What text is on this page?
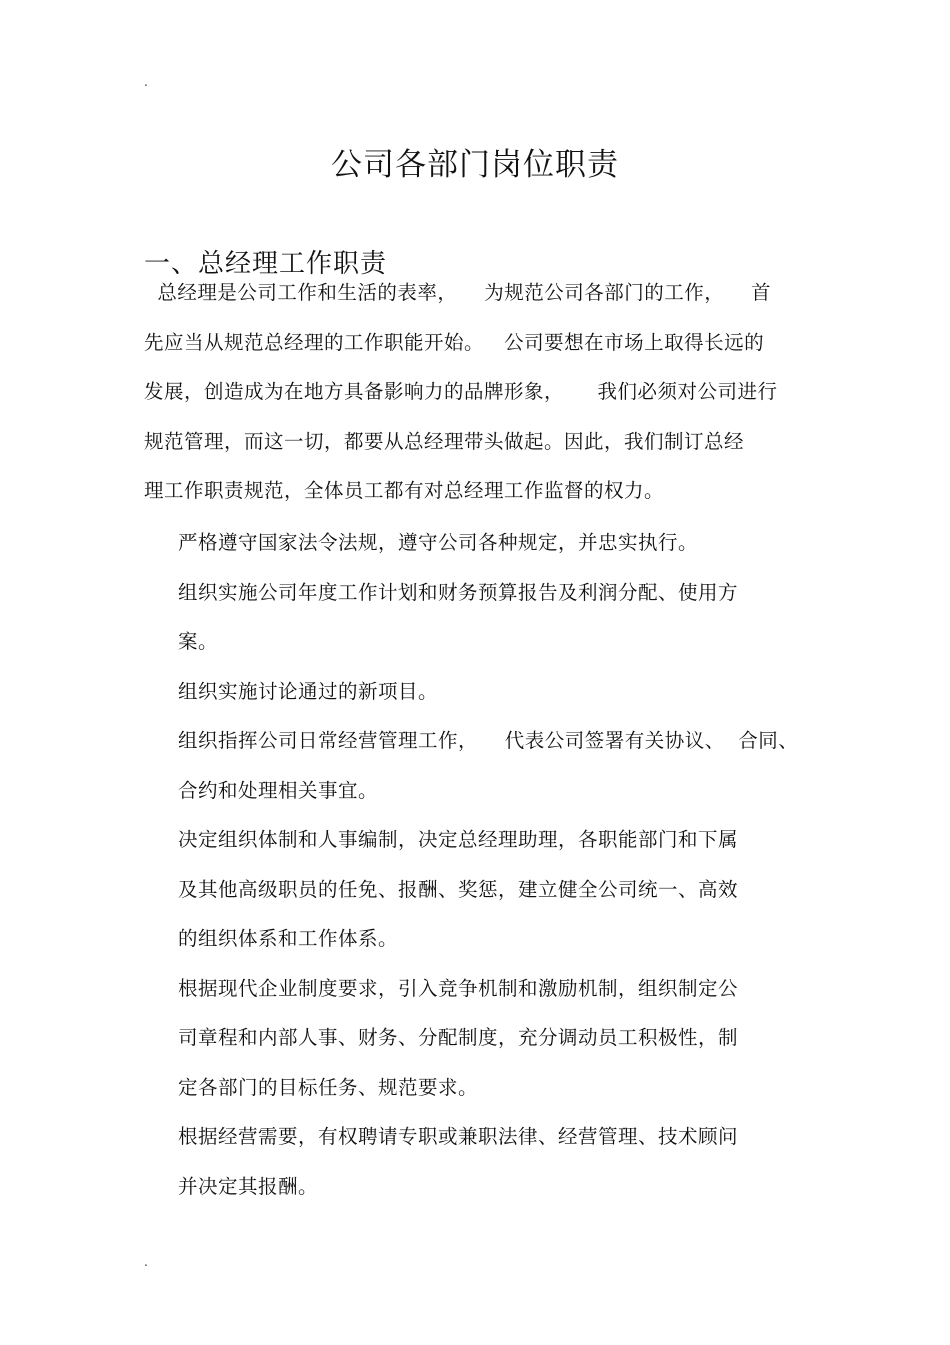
.
公司各部门岗位职责
一、总经理工作职责
总经理是公司工作和生活的表率，    为规范公司各部门的工作，    首
先应当从规范总经理的工作职能开始。   公司要想在市场上取得长远的
发展，创造成为在地方具备影响力的品牌形象，     我们必须对公司进行
规范管理，而这一切，都要从总经理带头做起。因此，我们制订总经
理工作职责规范，全体员工都有对总经理工作监督的权力。

严格遵守国家法令法规，遵守公司各种规定，并忠实执行。

组织实施公司年度工作计划和财务预算报告及利润分配、使用方
案。

组织实施讨论通过的新项目。

组织指挥公司日常经营管理工作，    代表公司签署有关协议、  合同、
合约和处理相关事宜。

决定组织体制和人事编制，决定总经理助理，各职能部门和下属
及其他高级职员的任免、报酬、奖惩，建立健全公司统一、高效
的组织体系和工作体系。

根据现代企业制度要求，引入竞争机制和激励机制，组织制定公
司章程和内部人事、财务、分配制度，充分调动员工积极性，制
定各部门的目标任务、规范要求。

根据经营需要，有权聘请专职或兼职法律、经营管理、技术顾问
并决定其报酬。

.
